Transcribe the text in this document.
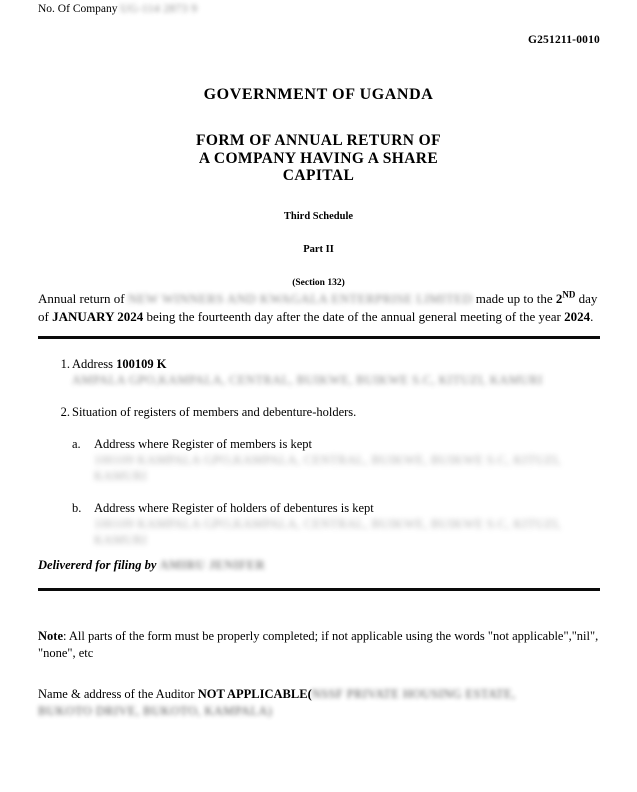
No. Of Company UG-114 2873 9
G251211-0010
GOVERNMENT OF UGANDA
FORM OF ANNUAL RETURN OF
A COMPANY HAVING A SHARE
CAPITAL
Third Schedule
Part II
(Section 132)

Annual return of NEW WINNERS AND KWAGALA ENTERPRISE LIMITED made up to the 2ND day of JANUARY 2024 being the fourteenth day after the date of the annual general meeting of the year 2024.

1. Address 100109 KAMPALA GPO,KAMPALA, CENTRAL, BUIKWE, BUIKWE S.C, KITUZI, KAMURI
2. Situation of registers of members and debenture-holders.
a.	Address where Register of members is kept 100109 KAMPALA GPO,KAMPALA, CENTRAL, BUIKWE, BUIKWE S.C, KITUZI, KAMURI
b.	Address where Register of holders of debentures is kept 100109 KAMPALA GPO,KAMPALA, CENTRAL, BUIKWE, BUIKWE S.C, KITUZI, KAMURI
Delivererd for filing by AMIRU JENIFER

Note: All parts of the form must be properly completed; if not applicable using the words "not applicable","nil", "none", etc

Name & address of the Auditor NOT APPLICABLE(NSSF PRIVATE HOUSING ESTATE, BUKOTO DRIVE, BUKOTO, KAMPALA)
